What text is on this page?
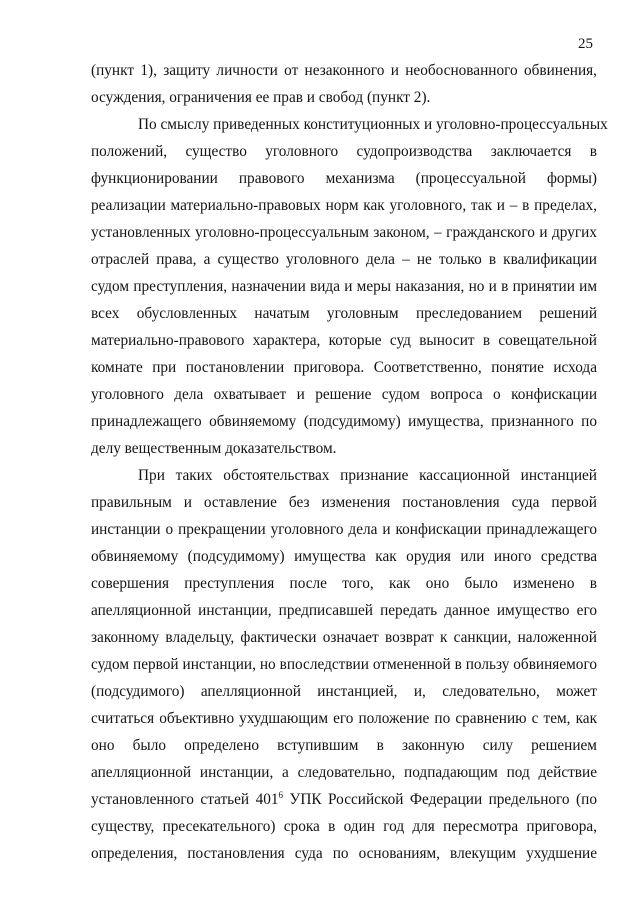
25
(пункт 1), защиту личности от незаконного и необоснованного обвинения,
осуждения, ограничения ее прав и свобод (пункт 2).
По смыслу приведенных конституционных и уголовно-процессуальных
положений, существо уголовного судопроизводства заключается в
функционировании правового механизма (процессуальной формы)
реализации материально-правовых норм как уголовного, так и – в пределах,
установленных уголовно-процессуальным законом, – гражданского и других
отраслей права, а существо уголовного дела – не только в квалификации
судом преступления, назначении вида и меры наказания, но и в принятии им
всех обусловленных начатым уголовным преследованием решений
материально-правового характера, которые суд выносит в совещательной
комнате при постановлении приговора. Соответственно, понятие исхода
уголовного дела охватывает и решение судом вопроса о конфискации
принадлежащего обвиняемому (подсудимому) имущества, признанного по
делу вещественным доказательством.
При таких обстоятельствах признание кассационной инстанцией
правильным и оставление без изменения постановления суда первой
инстанции о прекращении уголовного дела и конфискации принадлежащего
обвиняемому (подсудимому) имущества как орудия или иного средства
совершения преступления после того, как оно было изменено в
апелляционной инстанции, предписавшей передать данное имущество его
законному владельцу, фактически означает возврат к санкции, наложенной
судом первой инстанции, но впоследствии отмененной в пользу обвиняемого
(подсудимого) апелляционной инстанцией, и, следовательно, может
считаться объективно ухудшающим его положение по сравнению с тем, как
оно было определено вступившим в законную силу решением
апелляционной инстанции, а следовательно, подпадающим под действие
установленного статьей $401^6$ УПК Российской Федерации предельного (по
существу, пресекательного) срока в один год для пересмотра приговора,
определения, постановления суда по основаниям, влекущим ухудшение
